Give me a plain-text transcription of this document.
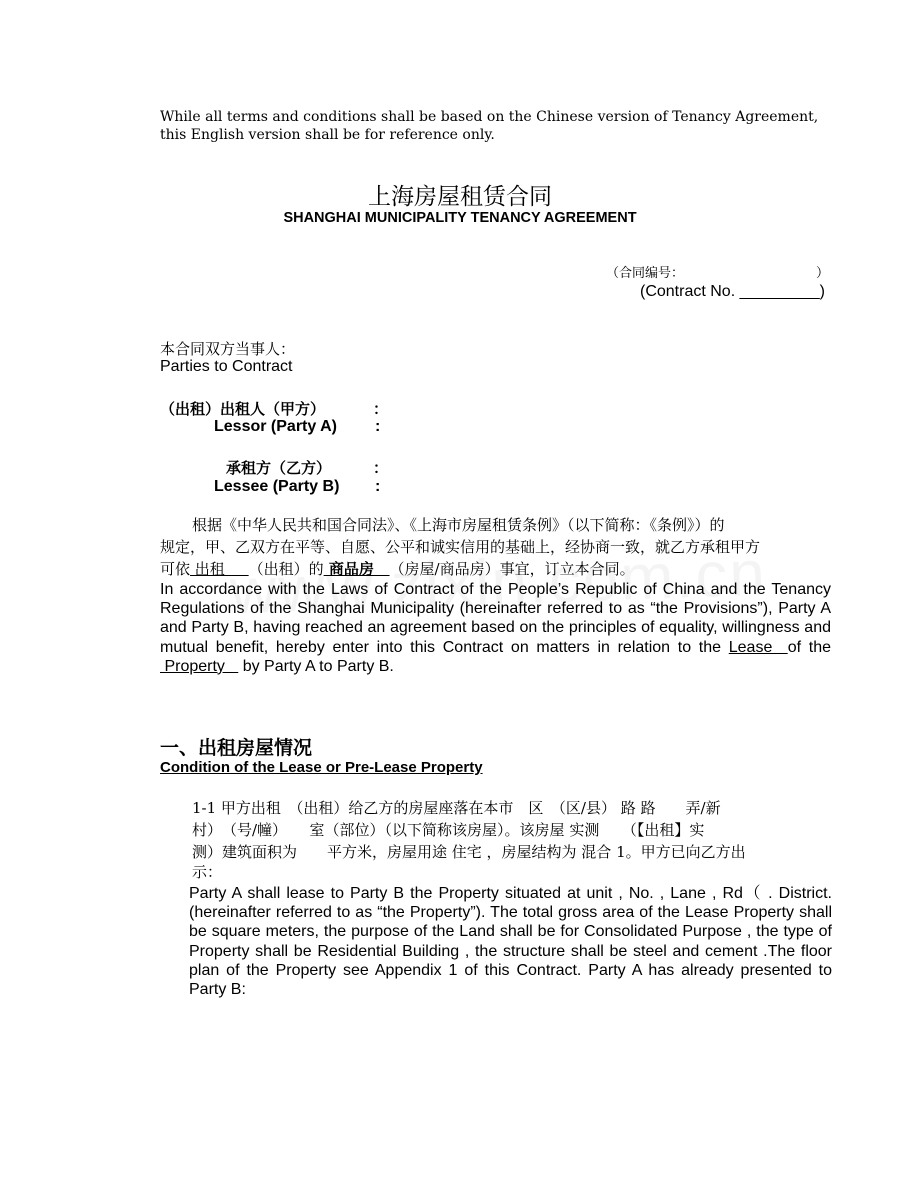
While all terms and conditions shall be based on the Chinese version of Tenancy Agreement, this English version shall be for reference only.
上海房屋租赁合同
SHANGHAI MUNICIPALITY TENANCY AGREEMENT
（合同编号：	）
(Contract No. _________)
本合同双方当事人：
Parties to Contract
（出租）出租人（甲方）	：
Lessor (Party A) :
承租方（乙方）	：
Lessee (Party B) :
根据《中华人民共和国合同法》、《上海市房屋租赁条例》（以下简称：《条例》）的
规定，甲、乙双方在平等、自愿、公平和诚实信用的基础上，经协商一致，就乙方承租甲方
可依 出租     （出租）的 商品房   （房屋/商品房）事宜，订立本合同。
In accordance with the Laws of Contract of the People’s Republic of China and the Tenancy Regulations of the Shanghai Municipality (hereinafter referred to as “the Provisions”), Party A and Party B, having reached an agreement based on the principles of equality, willingness and mutual benefit, hereby enter into this Contract on matters in relation to the Lease  of the Property    by Party A to Party B.
一、出租房屋情况
Condition of the Lease or Pre-Lease Property
1-1 甲方出租　（出租）给乙方的房屋座落在本市　区　（区/县） 路 路　　弄/新
村）　（号/幢）　　室（部位）（以下简称该房屋）。该房屋 实测　　（【出租】实
测）建筑面积为　　平方米，房屋用途 住宅 ，房屋结构为 混合 1。甲方已向乙方出
示：
Party A shall lease to Party B the Property situated at unit , No. , Lane , Rd（ . District. (hereinafter referred to as “the Property”). The total gross area of the Lease Property shall be square meters, the purpose of the Land shall be for Consolidated Purpose , the type of Property shall be Residential Building , the structure shall be steel and cement .The floor plan of the Property see Appendix 1 of this Contract. Party A has already presented to Party B:
